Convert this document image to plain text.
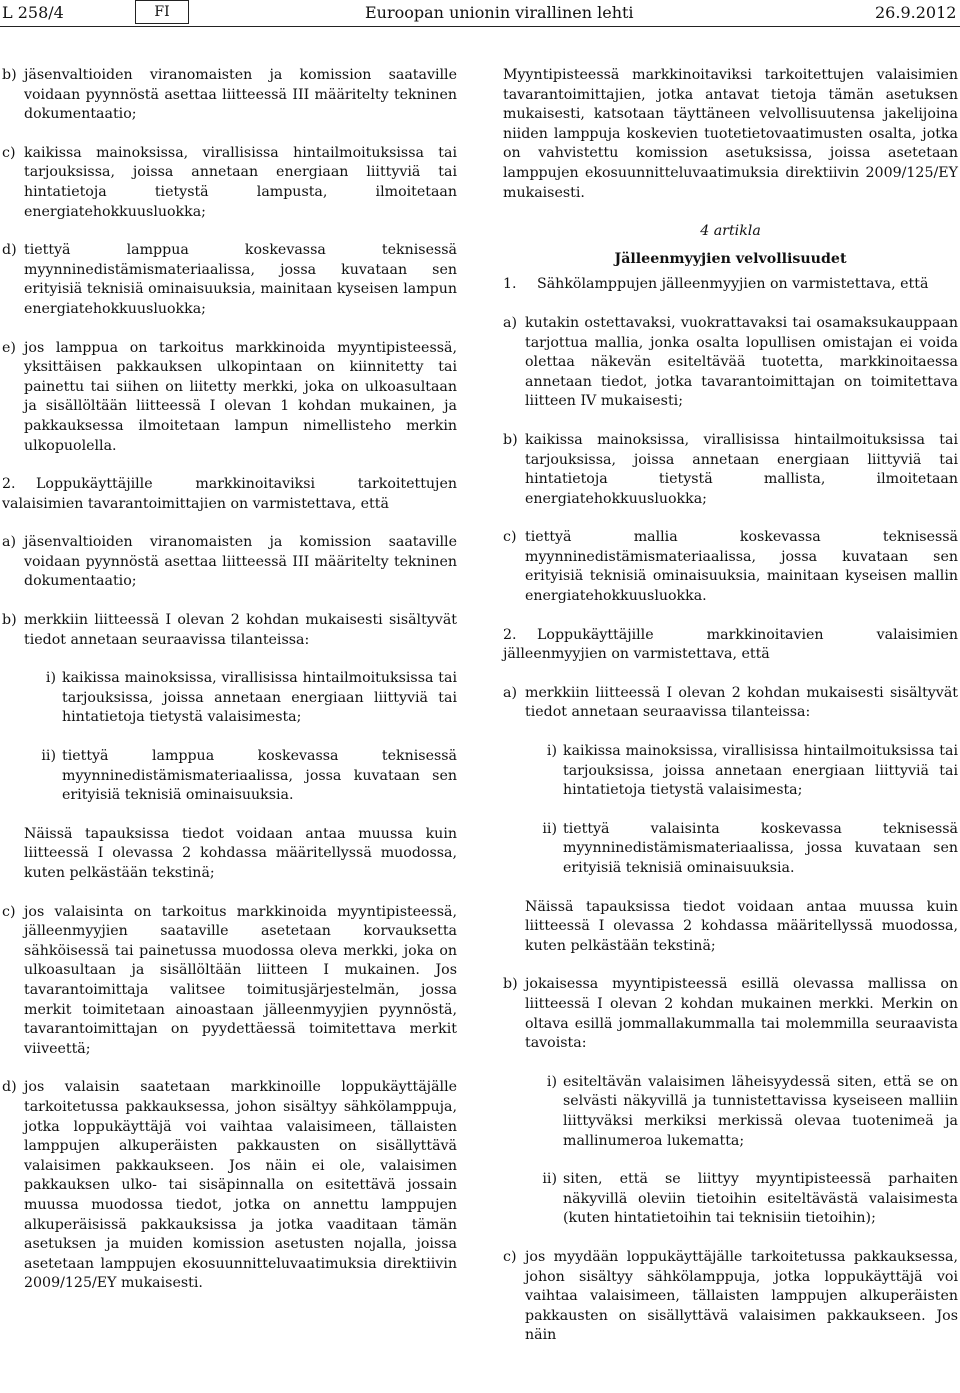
L 258/4	FI	Euroopan unionin virallinen lehti	26.9.2012
b) jäsenvaltioiden viranomaisten ja komission saataville voidaan pyynnöstä asettaa liitteessä III määritelty tekninen dokumentaatio;
c) kaikissa mainoksissa, virallisissa hintailmoituksissa tai tarjouksissa, joissa annetaan energiaan liittyviä tai hintatietoja tietystä lampusta, ilmoitetaan energiatehokkuusluokka;
d) tiettyä lamppua koskevassa teknisessä myynninedistämismateriaalissa, jossa kuvataan sen erityisiä teknisiä ominaisuuksia, mainitaan kyseisen lampun energiatehokkuusluokka;
e) jos lamppua on tarkoitus markkinoida myyntipisteessä, yksittäisen pakkauksen ulkopintaan on kiinnitetty tai painettu tai siihen on liitetty merkki, joka on ulkoasultaan ja sisällöltään liitteessä I olevan 1 kohdan mukainen, ja pakkauksessa ilmoitetaan lampun nimellisteho merkin ulkopuolella.
2. Loppukäyttäjille markkinoitaviksi tarkoitettujen valaisimien tavarantoimittajien on varmistettava, että
a) jäsenvaltioiden viranomaisten ja komission saataville voidaan pyynnöstä asettaa liitteessä III määritelty tekninen dokumentaatio;
b) merkkiin liitteessä I olevan 2 kohdan mukaisesti sisältyvät tiedot annetaan seuraavissa tilanteissa:
i) kaikissa mainoksissa, virallisissa hintailmoituksissa tai tarjouksissa, joissa annetaan energiaan liittyviä tai hintatietoja tietystä valaisimesta;
ii) tiettyä lamppua koskevassa teknisessä myynninedistämismateriaalissa, jossa kuvataan sen erityisiä teknisiä ominaisuuksia.
Näissä tapauksissa tiedot voidaan antaa muussa kuin liitteessä I olevassa 2 kohdassa määritellyssä muodossa, kuten pelkästään tekstinä;
c) jos valaisinta on tarkoitus markkinoida myyntipisteessä, jälleenmyyjien saataville asetetaan korvauksetta sähköisessä tai painetussa muodossa oleva merkki, joka on ulkoasultaan ja sisällöltään liitteen I mukainen. Jos tavarantoimittaja valitsee toimitusjärjestelmän, jossa merkit toimitetaan ainoastaan jälleenmyyjien pyynnöstä, tavarantoimittajan on pyydettäessä toimitettava merkit viiveettä;
d) jos valaisin saatetaan markkinoille loppukäyttäjälle tarkoitetussa pakkauksessa, johon sisältyy sähkölamppuja, jotka loppukäyttäjä voi vaihtaa valaisimeen, tällaisten lamppujen alkuperäisten pakkausten on sisällyttävä valaisimen pakkaukseen. Jos näin ei ole, valaisimen pakkauksen ulko- tai sisäpinnalla on esitettävä jossain muussa muodossa tiedot, jotka on annettu lamppujen alkuperäisissä pakkauksissa ja jotka vaaditaan tämän asetuksen ja muiden komission asetusten nojalla, joissa asetetaan lamppujen ekosuunnitteluvaatimuksia direktiivin 2009/125/EY mukaisesti.
Myyntipisteessä markkinoitaviksi tarkoitettujen valaisimien tavarantoimittajien, jotka antavat tietoja tämän asetuksen mukaisesti, katsotaan täyttäneen velvollisuutensa jakelijoina niiden lamppuja koskevien tuotetietovaatimusten osalta, jotka on vahvistettu komission asetuksissa, joissa asetetaan lamppujen ekosuunnitteluvaatimuksia direktiivin 2009/125/EY mukaisesti.
4 artikla
Jälleenmyyjien velvollisuudet
1. Sähkölamppujen jälleenmyyjien on varmistettava, että
a) kutakin ostettavaksi, vuokrattavaksi tai osamaksukauppaan tarjottua mallia, jonka osalta lopullisen omistajan ei voida olettaa näkevän esiteltävää tuotetta, markkinoitaessa annetaan tiedot, jotka tavarantoimittajan on toimitettava liitteen IV mukaisesti;
b) kaikissa mainoksissa, virallisissa hintailmoituksissa tai tarjouksissa, joissa annetaan energiaan liittyviä tai hintatietoja tietystä mallista, ilmoitetaan energiatehokkuusluokka;
c) tiettyä mallia koskevassa teknisessä myynninedistämismateriaalissa, jossa kuvataan sen erityisiä teknisiä ominaisuuksia, mainitaan kyseisen mallin energiatehokkuusluokka.
2. Loppukäyttäjille markkinoitavien valaisimien jälleenmyyjien on varmistettava, että
a) merkkiin liitteessä I olevan 2 kohdan mukaisesti sisältyvät tiedot annetaan seuraavissa tilanteissa:
i) kaikissa mainoksissa, virallisissa hintailmoituksissa tai tarjouksissa, joissa annetaan energiaan liittyviä tai hintatietoja tietystä valaisimesta;
ii) tiettyä valaisinta koskevassa teknisessä myynninedistämismateriaalissa, jossa kuvataan sen erityisiä teknisiä ominaisuuksia.
Näissä tapauksissa tiedot voidaan antaa muussa kuin liitteessä I olevassa 2 kohdassa määritellyssä muodossa, kuten pelkästään tekstinä;
b) jokaisessa myyntipisteessä esillä olevassa mallissa on liitteessä I olevan 2 kohdan mukainen merkki. Merkin on oltava esillä jommallakummalla tai molemmilla seuraavista tavoista:
i) esiteltävän valaisimen läheisyydessä siten, että se on selvästi näkyvillä ja tunnistettavissa kyseiseen malliin liittyväksi merkiksi merkissä olevaa tuotenimeä ja mallinumeroa lukematta;
ii) siten, että se liittyy myyntipisteessä parhaiten näkyvillä oleviin tietoihin esiteltävästä valaisimesta (kuten hintatietoihin tai teknisiin tietoihin);
c) jos myydään loppukäyttäjälle tarkoitetussa pakkauksessa, johon sisältyy sähkölamppuja, jotka loppukäyttäjä voi vaihtaa valaisimeen, tällaisten lamppujen alkuperäisten pakkausten on sisällyttävä valaisimen pakkaukseen. Jos näin
